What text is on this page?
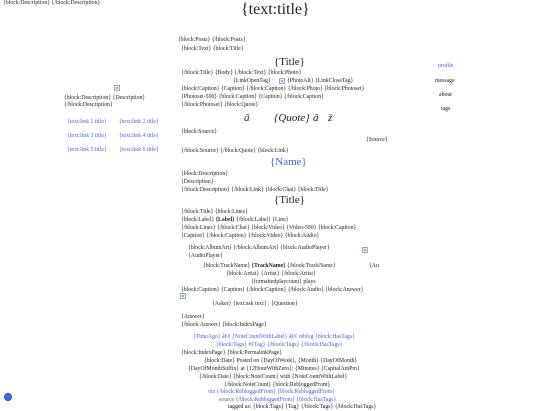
{block:Description} {/block:Description}	{text:title}
{block:Description} {Description}
{/block:Description}
{text:link 1 title} {text:link 2 title}
{text:link 3 title} {text:link 4 title}
{text:link 5 title} {text:link 6 title}
profile
message
about
tags
{block:Posts} {/block:Posts}
{block:Text} {block:Title}
{Title}
{/block:Title} {Body} {/block:Text} {block:Photo}
{LinkOpenTag}	{PhotoAlt} {LinkCloseTag}
{block:Caption} {Caption} {/block:Caption} {/block:Photo} {block:Photoset}
{Photoset-500} {block:Caption} {Caption} {/block:Caption}
{/block:Photoset} {block:Quote}
â {Quote} â ž
{block:Source}
{Source}
{/block:Source} {/block:Quote} {block:Link}
{Name}
{block:Description}
{Description}
{/block:Description} {/block:Link} {block:Chat} {block:Title}
{Title}
{/block:Title} {block:Lines}
{block:Label} {Label} {/block:Label} {Line}
{/block:Lines} {/block:Chat} {block:Video} {Video-500} {block:Caption}
{Caption} {/block:Caption} {/block:Video} {block:Audio}
{block:AlbumArt} {/block:AlbumArt} {block:AudioPlayer}
{AudioPlayer}
{block:TrackName} {TrackName} {/block:TrackName}	{Au
{block:Artist} {Artist} {/block:Artist}
{formattedplaycount} plays
{block:Caption} {Caption} {/block:Caption} {/block:Audio} {block:Answer}
{Asker} {text:ask text} : {Question}
{Answer}
{/block:Answer} {block:IndexPage}
{TimeAgo} â€¢ {NoteCountWithLabel} â€¢ reblog {block:HasTags}
{block:Tags} #{Tag} {/block:Tags} {/block:HasTags}
{block:IndexPage} {block:PermalinkPage}
{block:Date} Posted on {DayOfWeek}, {Month} {DayOfMonth}
{DayOfMonthSuffix} at {12HourWithZero}: {Minutes} {CapitalAmPm}
{/block:Date} {block:NoteCount} with {NoteCountWithLabel}
{/block:NoteCount} {block:RebloggedFrom}
via {/block:RebloggedFrom} {block:RebloggedFrom}
source {/block:RebloggedFrom} {block:HasTags}
tagged as: {block:Tags} {Tag} {/block:Tags} {/block:HasTags}
